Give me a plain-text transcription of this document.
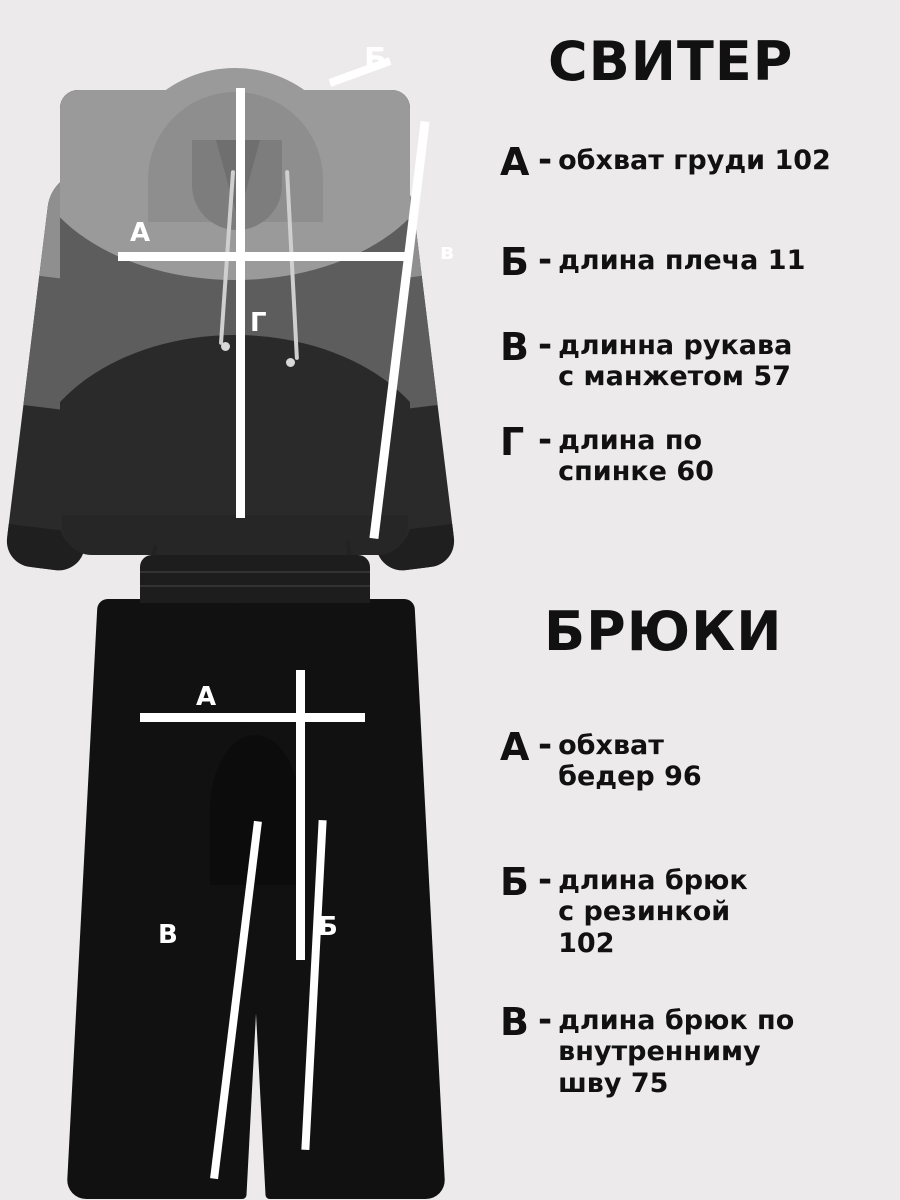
А
Б
в
Г
А
Б
В
СВИТЕР
А - обхват груди 102
Б - длина плеча 11
В - длинна рукава
с манжетом 57
Г - длина по
спинке 60
БРЮКИ
А - обхват
бедер 96
Б - длина брюк
с резинкой
102
В - длина брюк по
внутренниму
шву 75
